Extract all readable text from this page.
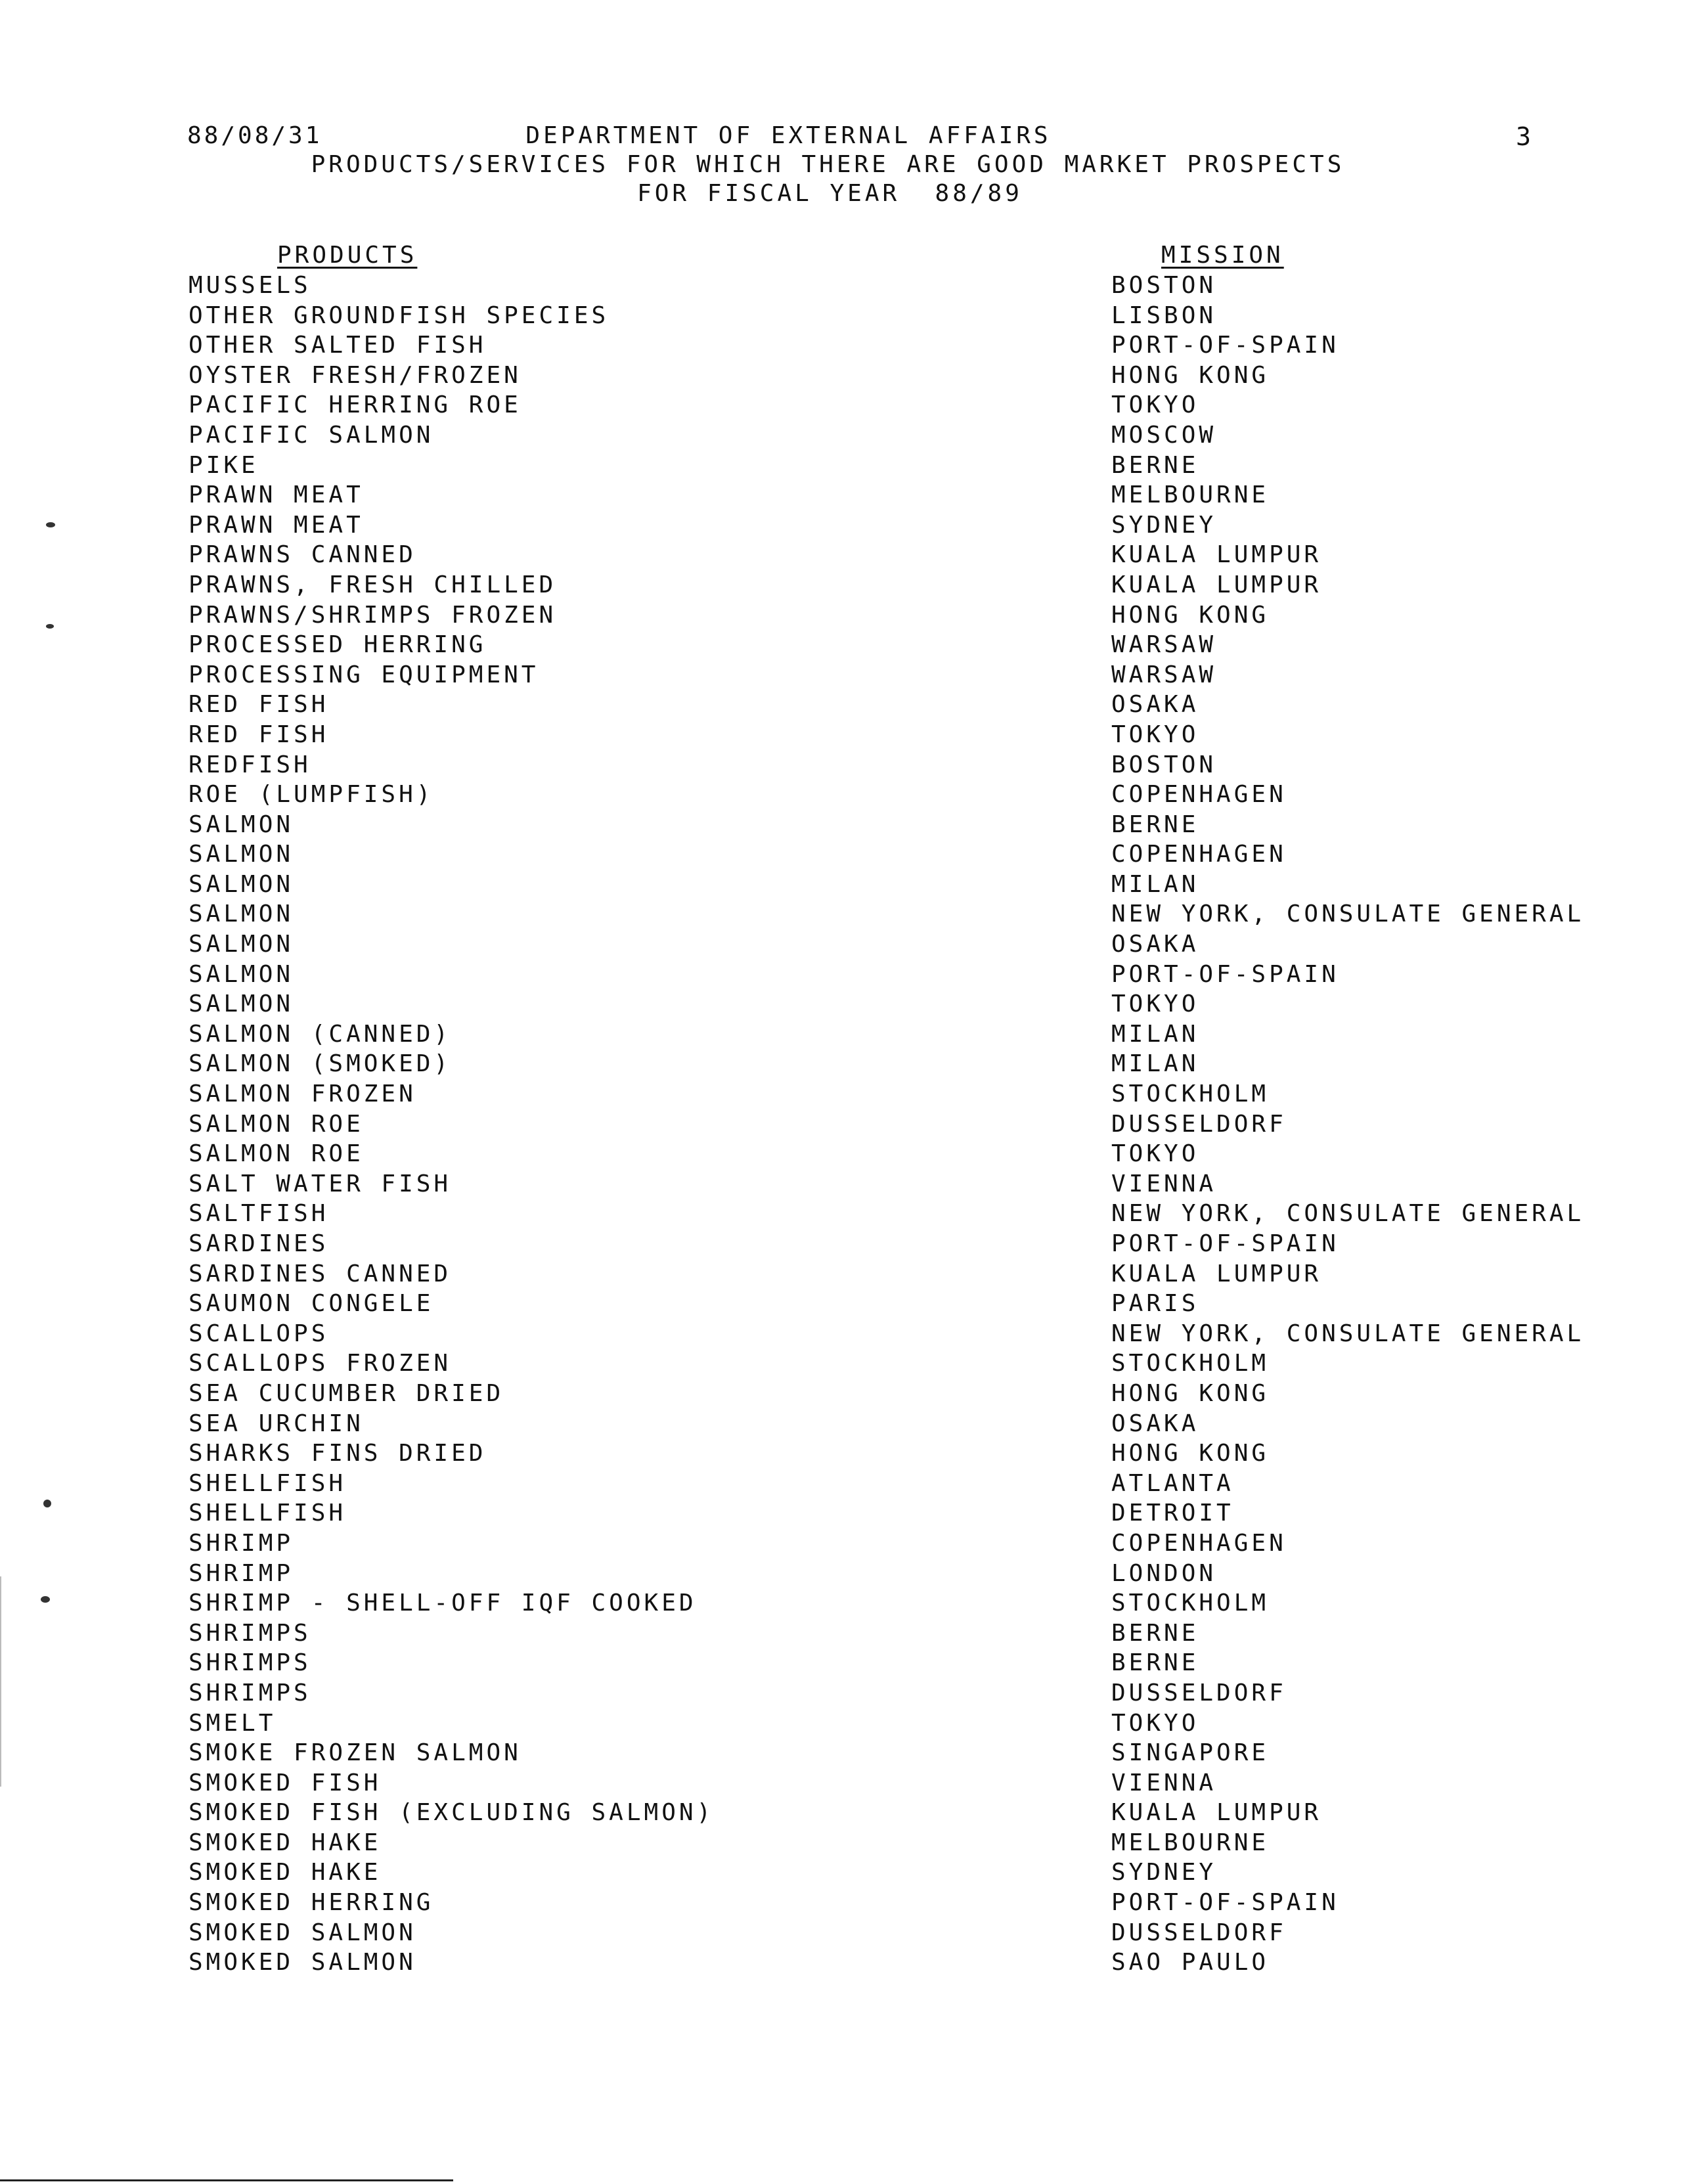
88/08/31	DEPARTMENT OF EXTERNAL AFFAIRS
PRODUCTS/SERVICES FOR WHICH THERE ARE GOOD MARKET PROSPECTS
FOR FISCAL YEAR  88/89
3
PRODUCTS	MISSION
MUSSELS	BOSTON
OTHER GROUNDFISH SPECIES	LISBON
OTHER SALTED FISH	PORT-OF-SPAIN
OYSTER FRESH/FROZEN	HONG KONG
PACIFIC HERRING ROE	TOKYO
PACIFIC SALMON	MOSCOW
PIKE	BERNE
PRAWN MEAT	MELBOURNE
PRAWN MEAT	SYDNEY
PRAWNS CANNED	KUALA LUMPUR
PRAWNS, FRESH CHILLED	KUALA LUMPUR
PRAWNS/SHRIMPS FROZEN	HONG KONG
PROCESSED HERRING	WARSAW
PROCESSING EQUIPMENT	WARSAW
RED FISH	OSAKA
RED FISH	TOKYO
REDFISH	BOSTON
ROE (LUMPFISH)	COPENHAGEN
SALMON	BERNE
SALMON	COPENHAGEN
SALMON	MILAN
SALMON	NEW YORK, CONSULATE GENERAL
SALMON	OSAKA
SALMON	PORT-OF-SPAIN
SALMON	TOKYO
SALMON (CANNED)	MILAN
SALMON (SMOKED)	MILAN
SALMON FROZEN	STOCKHOLM
SALMON ROE	DUSSELDORF
SALMON ROE	TOKYO
SALT WATER FISH	VIENNA
SALTFISH	NEW YORK, CONSULATE GENERAL
SARDINES	PORT-OF-SPAIN
SARDINES CANNED	KUALA LUMPUR
SAUMON CONGELE	PARIS
SCALLOPS	NEW YORK, CONSULATE GENERAL
SCALLOPS FROZEN	STOCKHOLM
SEA CUCUMBER DRIED	HONG KONG
SEA URCHIN	OSAKA
SHARKS FINS DRIED	HONG KONG
SHELLFISH	ATLANTA
SHELLFISH	DETROIT
SHRIMP	COPENHAGEN
SHRIMP	LONDON
SHRIMP - SHELL-OFF IQF COOKED	STOCKHOLM
SHRIMPS	BERNE
SHRIMPS	BERNE
SHRIMPS	DUSSELDORF
SMELT	TOKYO
SMOKE FROZEN SALMON	SINGAPORE
SMOKED FISH	VIENNA
SMOKED FISH (EXCLUDING SALMON)	KUALA LUMPUR
SMOKED HAKE	MELBOURNE
SMOKED HAKE	SYDNEY
SMOKED HERRING	PORT-OF-SPAIN
SMOKED SALMON	DUSSELDORF
SMOKED SALMON	SAO PAULO
